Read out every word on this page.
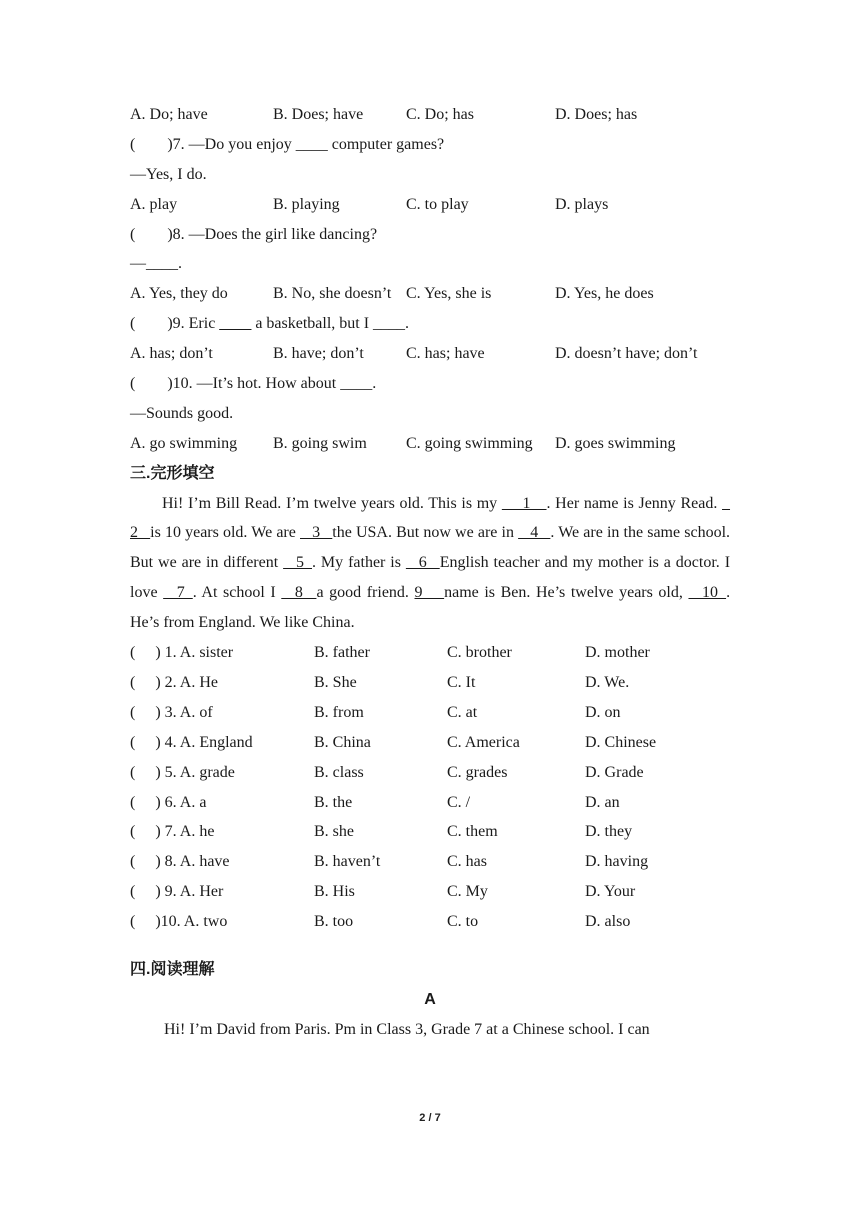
A. Do; have	B. Does; have	C. Do; has	D. Does; has
(  )7. —Do you enjoy ____ computer games?
—Yes, I do.
A. play	B. playing	C. to play	D. plays
(  )8. —Does the girl like dancing?
—____.
A. Yes, they do	B. No, she doesn’t C. Yes, she is	D. Yes, he does
(  )9. Eric ____ a basketball, but I ____.
A. has; don’t	B. have; don’t	C. has; have	D. doesn’t have; don’t
(  )10. —It’s hot. How about ____.
—Sounds good.
A. go swimming B. going swim C. going swimming D. goes swimming
三.完形填空
Hi! I’m Bill Read. I’m twelve years old. This is my    1  . Her name is Jenny Read.   2  is 10 years old. We are   3  the USA. But now we are in   4  . We are in the same school. But we are in different   5 . My father is   6  English teacher and my mother is a doctor. I love   7 . At school I   8  a good friend. 9   name is Ben. He’s twelve years old,   10 . He’s from England. We like China.
(  ) 1. A. sister	B. father	C. brother	D. mother
(  ) 2. A. He	B. She	C. It	D. We.
(  ) 3. A. of	B. from	C. at	D. on
(  ) 4. A. England	B. China	C. America	D. Chinese
(  ) 5. A. grade	B. class	C. grades	D. Grade
(  ) 6. A. a	B. the	C. /	D. an
(  ) 7. A. he	B. she	C. them	D. they
(  ) 8. A. have	B. haven’t	C. has	D. having
(  ) 9. A. Her	B. His	C. My	D. Your
(  )10. A. two	B. too	C. to	D. also
四.阅读理解
A
Hi! I’m David from Paris. Pm in Class 3, Grade 7 at a Chinese school. I can
2 / 7
